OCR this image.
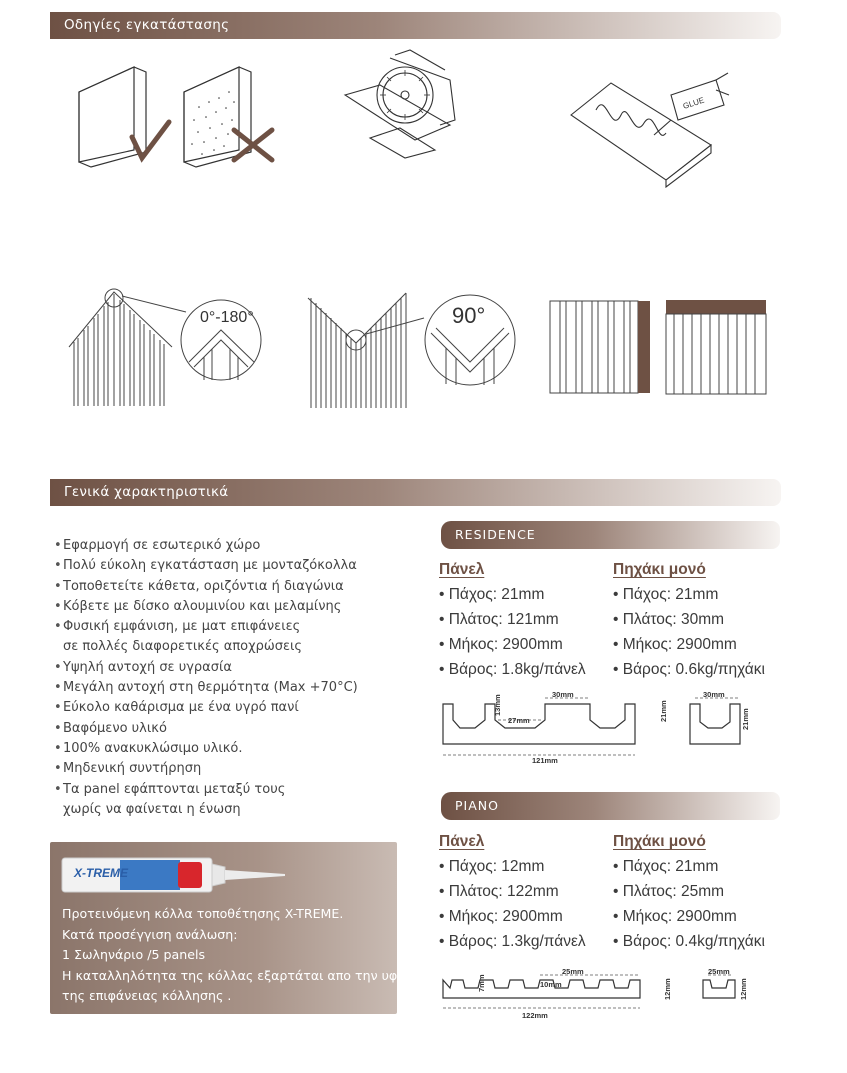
Οδηγίες εγκατάστασης
GLUE
0°-180°	90°
Γενικά χαρακτηριστικά
•Εφαρμογή σε εσωτερικό χώρο
•Πολύ εύκολη εγκατάσταση με μονταζόκολλα
•Τοποθετείτε κάθετα, οριζόντια ή διαγώνια
•Κόβετε με δίσκο αλουμινίου και μελαμίνης
•Φυσική εμφάνιση, με ματ επιφάνειες
σε πολλές διαφορετικές αποχρώσεις
•Υψηλή αντοχή σε υγρασία
•Μεγάλη αντοχή στη θερμότητα (Max +70°C)
•Εύκολο καθάρισμα με ένα υγρό πανί
•Βαφόμενο υλικό
•100% ανακυκλώσιμο υλικό.
•Μηδενική συντήρηση
•Τα panel εφάπτονται μεταξύ τους
χωρίς να φαίνεται η ένωση
X-TREME
Προτεινόμενη κόλλα τοποθέτησης X-TREME.
Κατά προσέγγιση ανάλωση:
1 Σωληνάριο /5 panels
Η καταλληλότητα της κόλλας εξαρτάται απο την υφή
της επιφάνειας κόλλησης .
RESIDENCE
Πάνελ
• Πάχος: 21mm
• Πλάτος: 121mm
• Μήκος: 2900mm
• Βάρος: 1.8kg/πάνελ
Πηχάκι μονό
• Πάχος: 21mm
• Πλάτος: 30mm
• Μήκος: 2900mm
• Βάρος: 0.6kg/πηχάκι
30mm
13mm
27mm	21mm
121mm
30mm
21mm
PIANO
Πάνελ
• Πάχος: 12mm
• Πλάτος: 122mm
• Μήκος: 2900mm
• Βάρος: 1.3kg/πάνελ
Πηχάκι μονό
• Πάχος: 21mm
• Πλάτος: 25mm
• Μήκος: 2900mm
• Βάρος: 0.4kg/πηχάκι
25mm
7mm	10mm	12mm
122mm
25mm
12mm
